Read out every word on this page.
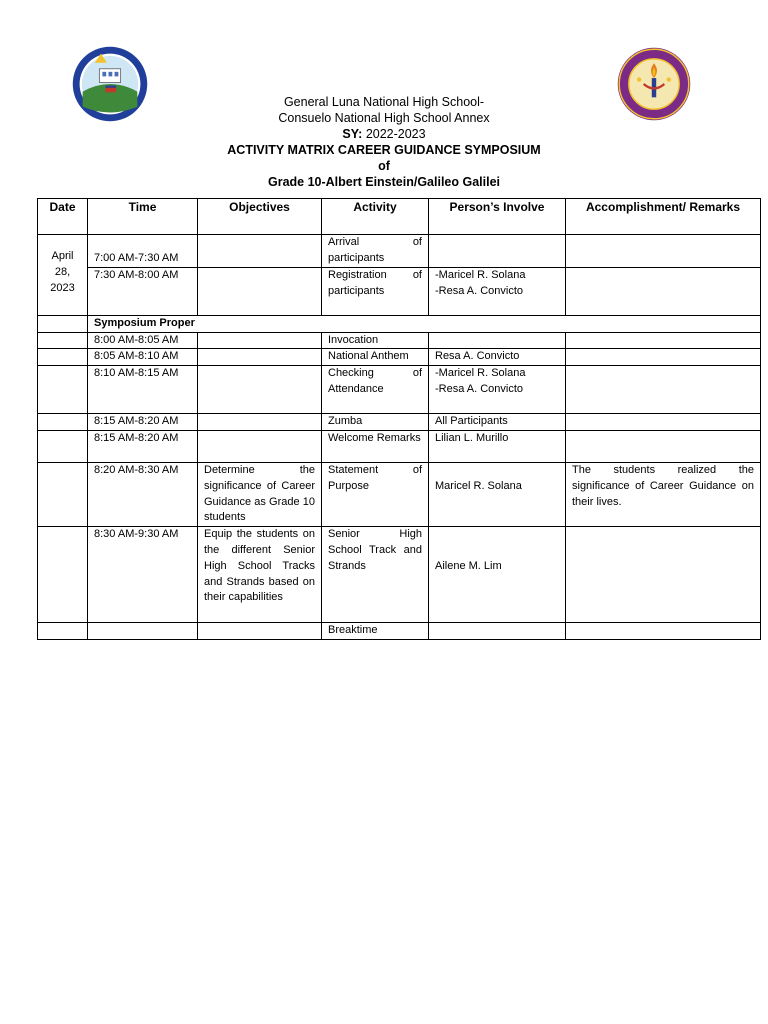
General Luna National High School-
Consuelo National High School Annex
SY: 2022-2023
ACTIVITY MATRIX CAREER GUIDANCE SYMPOSIUM
of
Grade 10-Albert Einstein/Galileo Galilei
Date	Time	Objectives	Activity	Person’s Involve	Accomplishment/ Remarks
April 28, 2023	7:00 AM-7:30 AM		Arrival of participants		
	7:30 AM-8:00 AM		Registration of participants	-Maricel R. Solana
-Resa A. Convicto	
	Symposium Proper				
	8:00 AM-8:05 AM		Invocation		
	8:05 AM-8:10 AM		National Anthem	Resa A. Convicto	
	8:10 AM-8:15 AM		Checking of Attendance	-Maricel R. Solana
-Resa A. Convicto	
	8:15 AM-8:20 AM		Zumba	All Participants	
	8:15 AM-8:20 AM		Welcome Remarks	Lilian L. Murillo	
	8:20 AM-8:30 AM	Determine the significance of Career Guidance as Grade 10 students	Statement of Purpose	Maricel R. Solana	The students realized the significance of Career Guidance on their lives.
	8:30 AM-9:30 AM	Equip the students on the different Senior High School Tracks and Strands based on their capabilities	Senior High School Track and Strands	Ailene M. Lim	
			Breaktime		
